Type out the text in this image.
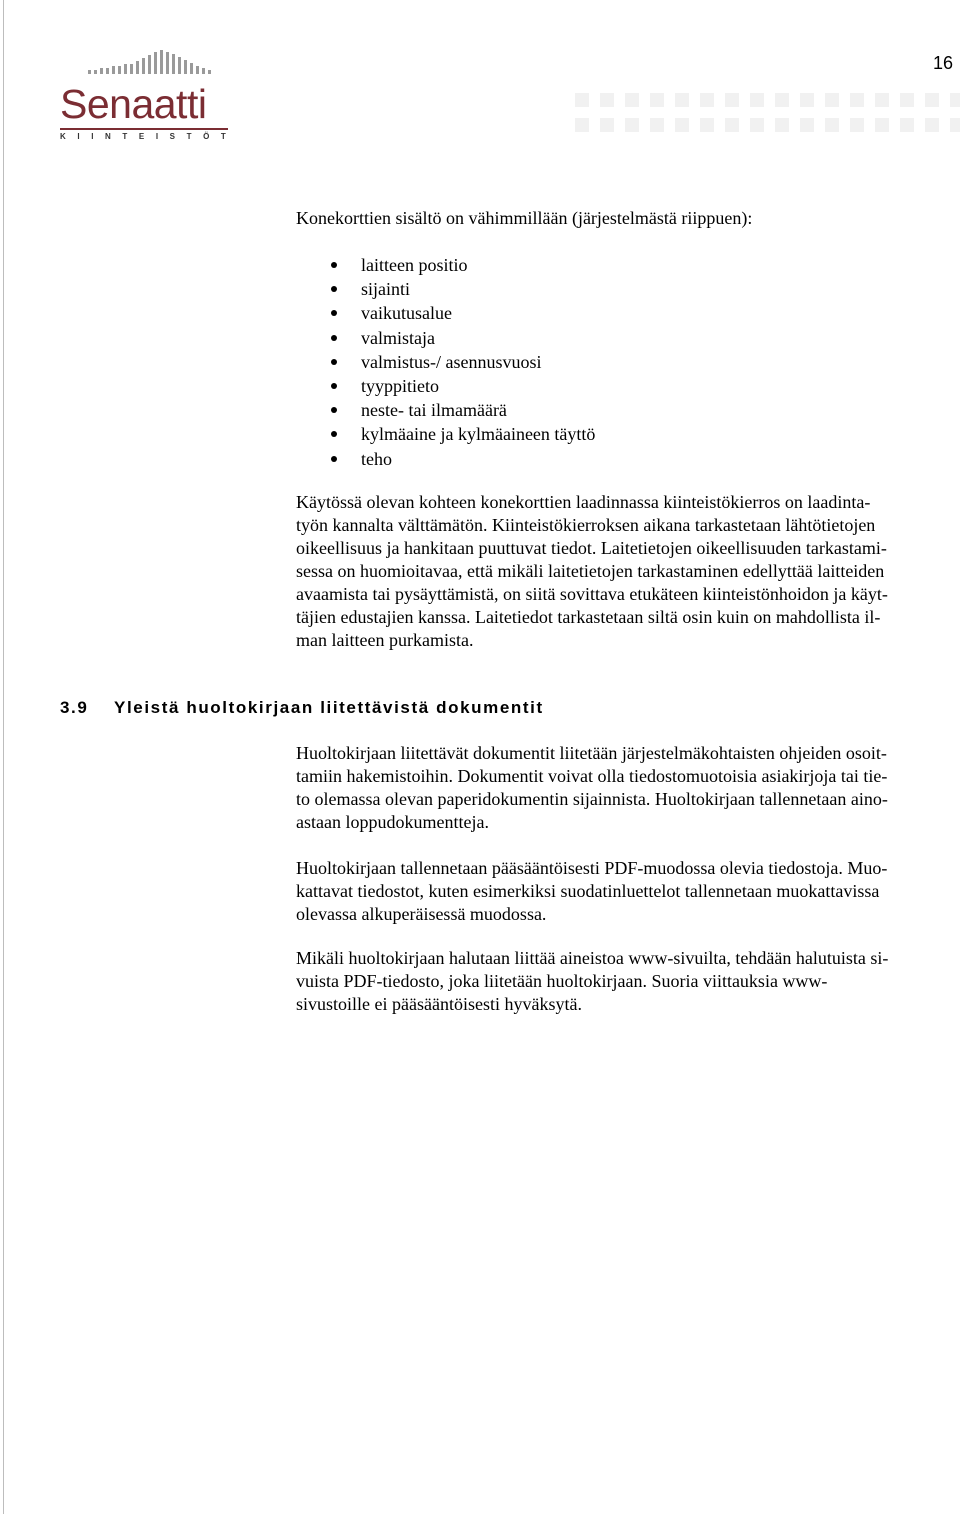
16
Senaatti
KIINTEISTÖT

Konekorttien sisältö on vähimmillään (järjestelmästä riippuen):

laitteen positio
sijainti
vaikutusalue
valmistaja
valmistus-/ asennusvuosi
tyyppitieto
neste- tai ilmamäärä
kylmäaine ja kylmäaineen täyttö
teho

Käytössä olevan kohteen konekorttien laadinnassa kiinteistökierros on laadinta-
työn kannalta välttämätön. Kiinteistökierroksen aikana tarkastetaan lähtötietojen
oikeellisuus ja hankitaan puuttuvat tiedot. Laitetietojen oikeellisuuden tarkastami-
sessa on huomioitavaa, että mikäli laitetietojen tarkastaminen edellyttää laitteiden
avaamista tai pysäyttämistä, on siitä sovittava etukäteen kiinteistönhoidon ja käyt-
täjien edustajien kanssa. Laitetiedot tarkastetaan siltä osin kuin on mahdollista il-
man laitteen purkamista.

3.9 Yleistä huoltokirjaan liitettävistä dokumentit

Huoltokirjaan liitettävät dokumentit liitetään järjestelmäkohtaisten ohjeiden osoit-
tamiin hakemistoihin. Dokumentit voivat olla tiedostomuotoisia asiakirjoja tai tie-
to olemassa olevan paperidokumentin sijainnista. Huoltokirjaan tallennetaan aino-
astaan loppudokumentteja.

Huoltokirjaan tallennetaan pääsääntöisesti PDF-muodossa olevia tiedostoja. Muo-
kattavat tiedostot, kuten esimerkiksi suodatinluettelot tallennetaan muokattavissa
olevassa alkuperäisessä muodossa.

Mikäli huoltokirjaan halutaan liittää aineistoa www-sivuilta, tehdään halutuista si-
vuista PDF-tiedosto, joka liitetään huoltokirjaan. Suoria viittauksia www-
sivustoille ei pääsääntöisesti hyväksytä.
